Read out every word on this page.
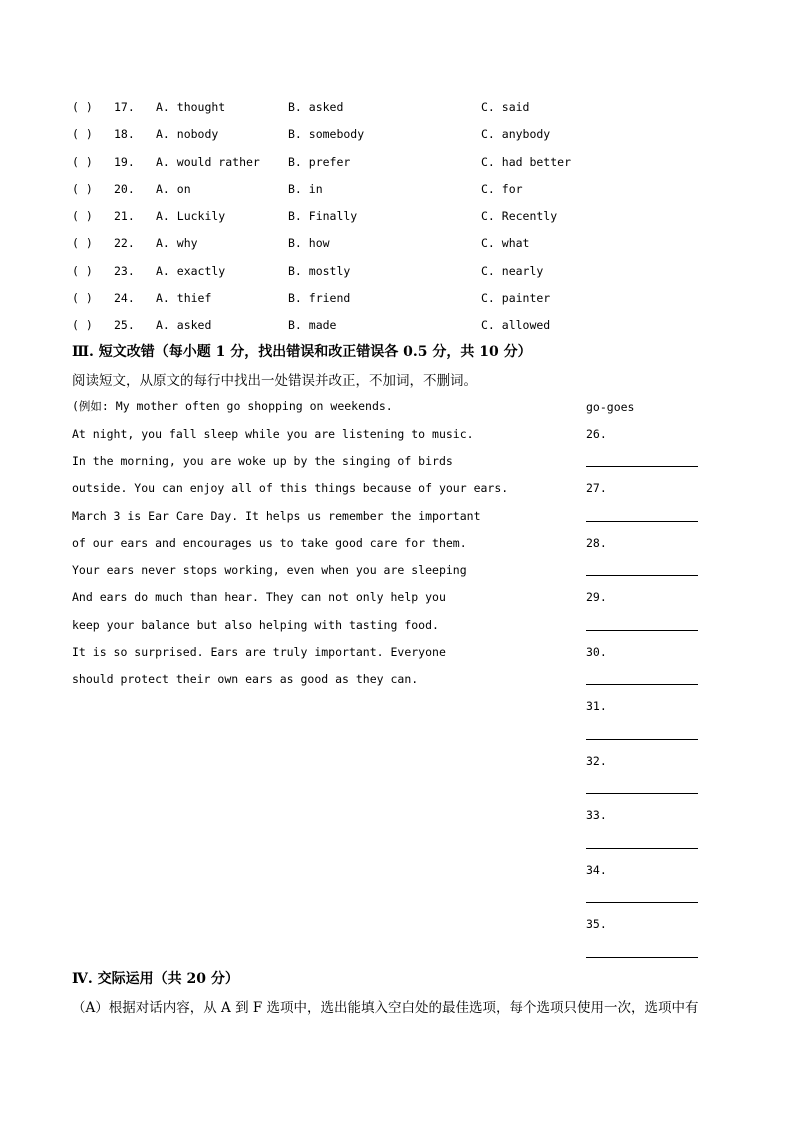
( ) 17. A. thought	B. asked	C. said
( ) 18. A. nobody	B. somebody	C. anybody
( ) 19. A. would rather B. prefer	C. had better
( ) 20. A. on	B. in	C. for
( ) 21. A. Luckily	B. Finally	C. Recently
( ) 22. A. why	B. how	C. what
( ) 23. A. exactly	B. mostly	C. nearly
( ) 24. A. thief	B. friend	C. painter
( ) 25. A. asked	B. made	C. allowed
Ⅲ. 短文改错（每小题 1 分，找出错误和改正错误各 0.5 分，共 10 分）
阅读短文，从原文的每行中找出一处错误并改正，不加词，不删词。
(例如: My mother often go shopping on weekends.	go-goes
At night, you fall sleep while you are listening to music.
In the morning, you are woke up by the singing of birds
outside. You can enjoy all of this things because of your ears.
March 3 is Ear Care Day. It helps us remember the important
of our ears and encourages us to take good care for them.
Your ears never stops working, even when you are sleeping
And ears do much than hear. They can not only help you
keep your balance but also helping with tasting food.
It is so surprised. Ears are truly important. Everyone
should protect their own ears as good as they can.
26.
27.
28.
29.
30.
31.
32.
33.
34.
35.
Ⅳ. 交际运用（共 20 分）
（A）根据对话内容，从 A 到 F 选项中，选出能填入空白处的最佳选项，每个选项只使用一次，选项中有
